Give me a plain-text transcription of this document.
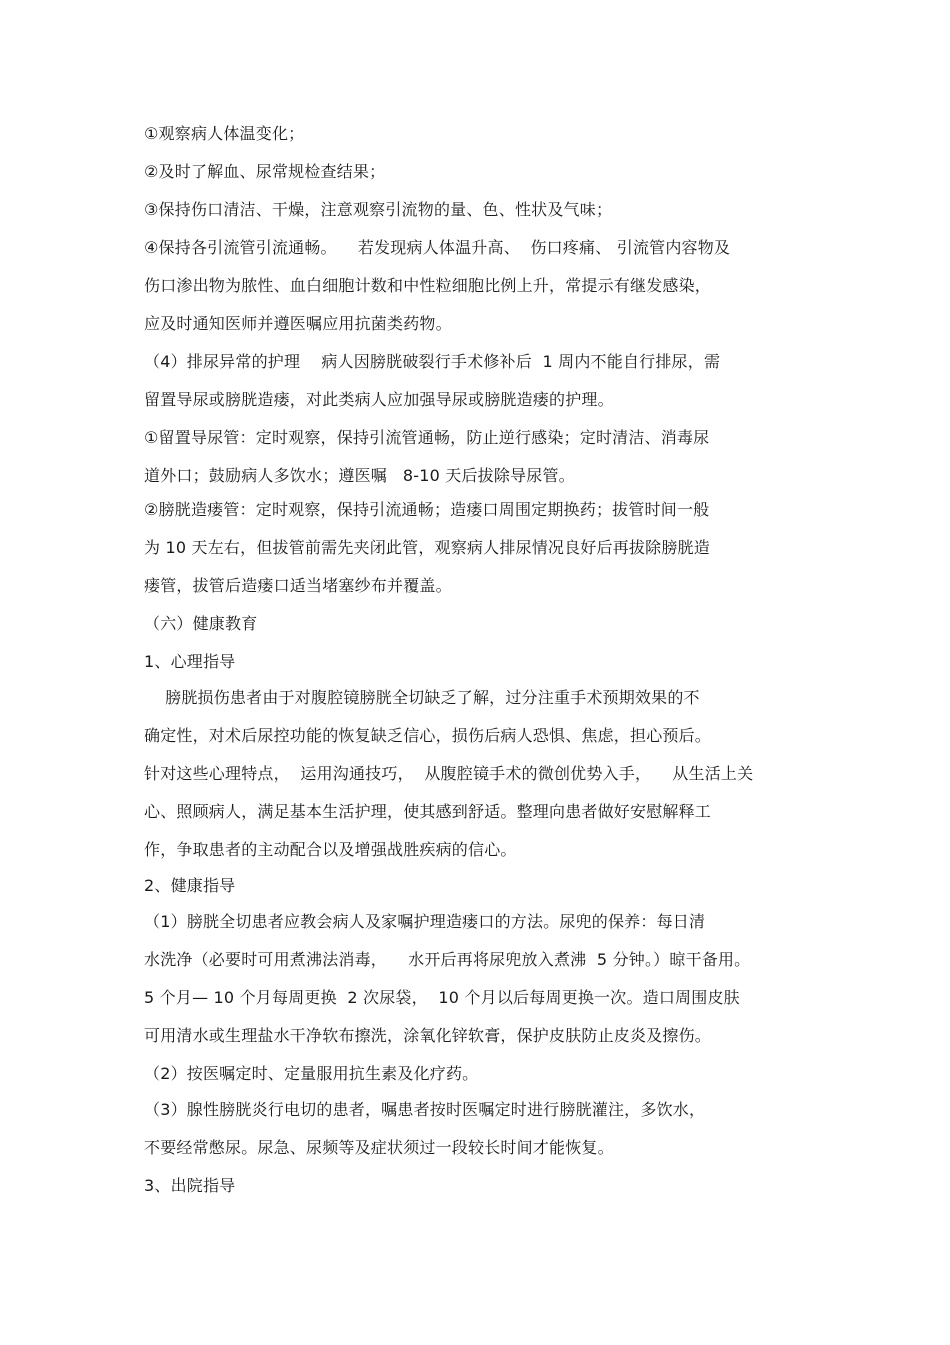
①观察病人体温变化；
②及时了解血、尿常规检查结果；
③保持伤口清洁、干燥，注意观察引流物的量、色、性状及气味；
④保持各引流管引流通畅。    若发现病人体温升高、  伤口疼痛、 引流管内容物及
伤口渗出物为脓性、血白细胞计数和中性粒细胞比例上升，常提示有继发感染，
应及时通知医师并遵医嘱应用抗菌类药物。
（4）排尿异常的护理    病人因膀胱破裂行手术修补后  1 周内不能自行排尿，需
留置导尿或膀胱造瘘，对此类病人应加强导尿或膀胱造瘘的护理。
①留置导尿管：定时观察，保持引流管通畅，防止逆行感染；定时清洁、消毒尿
道外口；鼓励病人多饮水；遵医嘱   8-10 天后拔除导尿管。
②膀胱造瘘管：定时观察，保持引流通畅；造瘘口周围定期换药；拔管时间一般
为 10 天左右，但拔管前需先夹闭此管，观察病人排尿情况良好后再拔除膀胱造
瘘管，拔管后造瘘口适当堵塞纱布并覆盖。
（六）健康教育
1、心理指导
膀胱损伤患者由于对腹腔镜膀胱全切缺乏了解，过分注重手术预期效果的不
确定性，对术后尿控功能的恢复缺乏信心，损伤后病人恐惧、焦虑，担心预后。
针对这些心理特点，  运用沟通技巧，  从腹腔镜手术的微创优势入手，    从生活上关
心、照顾病人，满足基本生活护理，使其感到舒适。整理向患者做好安慰解释工
作，争取患者的主动配合以及增强战胜疾病的信心。
2、健康指导
（1）膀胱全切患者应教会病人及家嘱护理造瘘口的方法。尿兜的保养：每日清
水洗净（必要时可用煮沸法消毒，    水开后再将尿兜放入煮沸  5 分钟。）晾干备用。
5 个月— 10 个月每周更换  2 次尿袋，  10 个月以后每周更换一次。造口周围皮肤
可用清水或生理盐水干净软布擦洗，涂氧化锌软膏，保护皮肤防止皮炎及擦伤。
（2）按医嘱定时、定量服用抗生素及化疗药。
（3）腺性膀胱炎行电切的患者，嘱患者按时医嘱定时进行膀胱灌注，多饮水，
不要经常憋尿。尿急、尿频等及症状须过一段较长时间才能恢复。
3、出院指导
